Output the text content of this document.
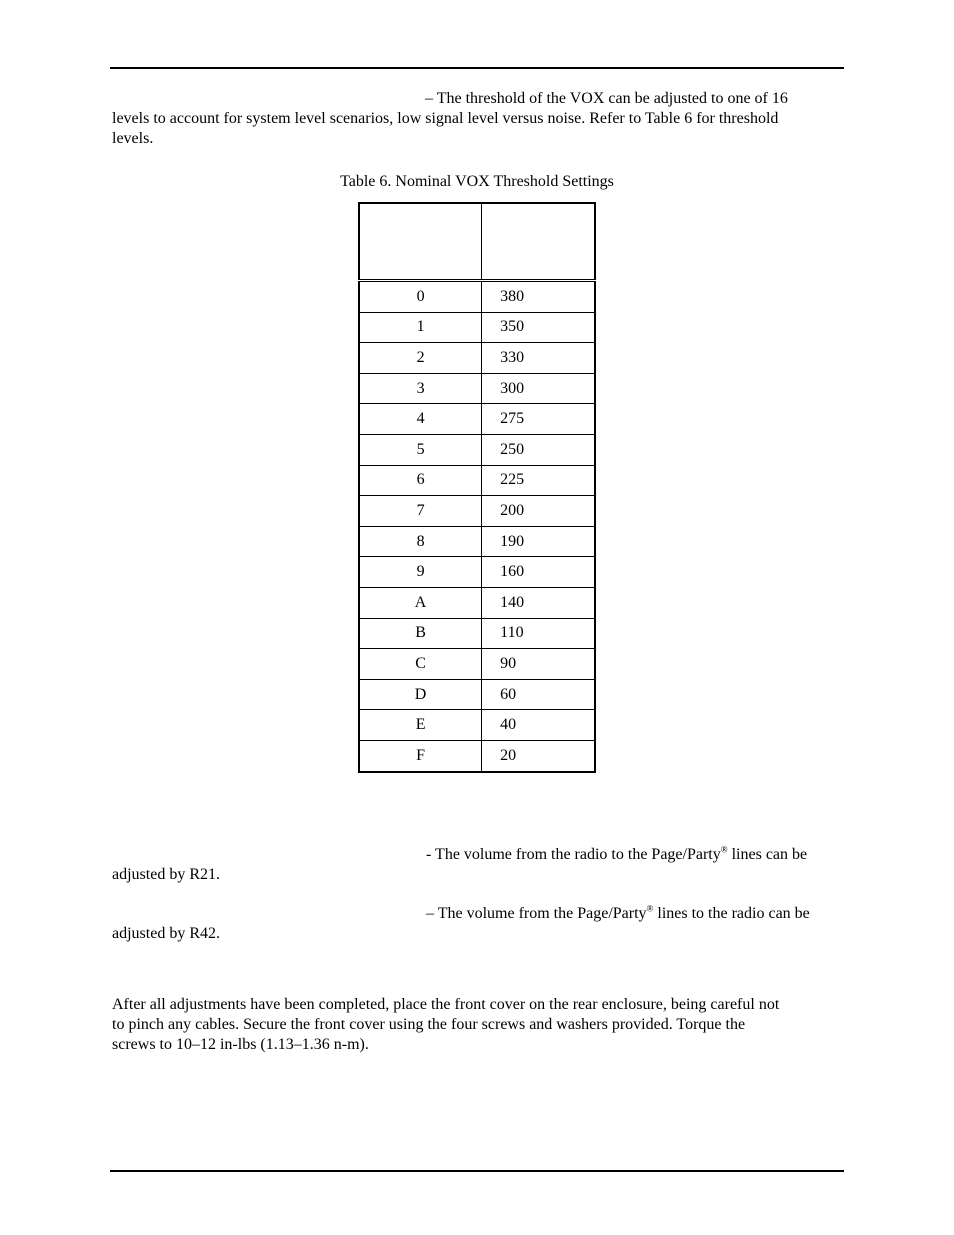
– The threshold of the VOX can be adjusted to one of 16
levels to account for system level scenarios, low signal level versus noise. Refer to Table 6 for threshold
levels.

Table 6. Nominal VOX Threshold Settings

0	380
1	350
2	330
3	300
4	275
5	250
6	225
7	200
8	190
9	160
A	140
B	110
C	90
D	60
E	40
F	20

- The volume from the radio to the Page/Party® lines can be
adjusted by R21.

– The volume from the Page/Party® lines to the radio can be
adjusted by R42.

After all adjustments have been completed, place the front cover on the rear enclosure, being careful not
to pinch any cables. Secure the front cover using the four screws and washers provided. Torque the
screws to 10–12 in-lbs (1.13–1.36 n-m).
